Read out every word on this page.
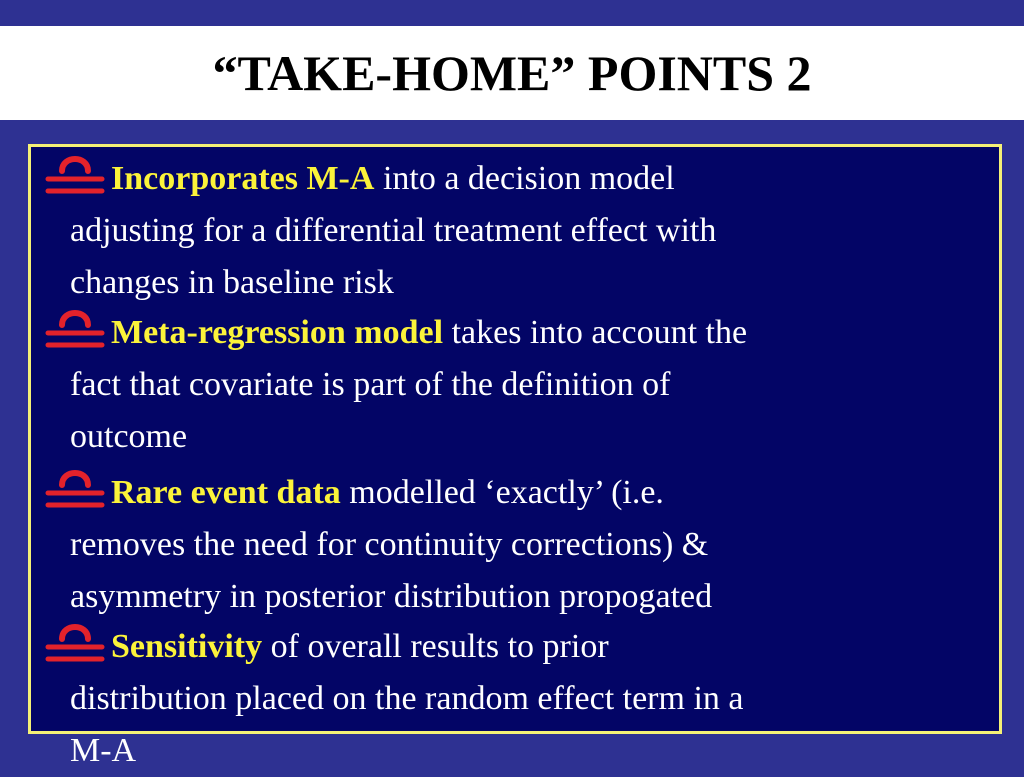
“TAKE-HOME” POINTS 2
Incorporates M-A into a decision model
adjusting for a differential treatment effect with
changes in baseline risk
Meta-regression model takes into account the
fact that covariate is part of the definition of
outcome
Rare event data modelled ‘exactly’ (i.e.
removes the need for continuity corrections) &
asymmetry in posterior distribution propogated
Sensitivity of overall results to prior
distribution placed on the random effect term in a
M-A
